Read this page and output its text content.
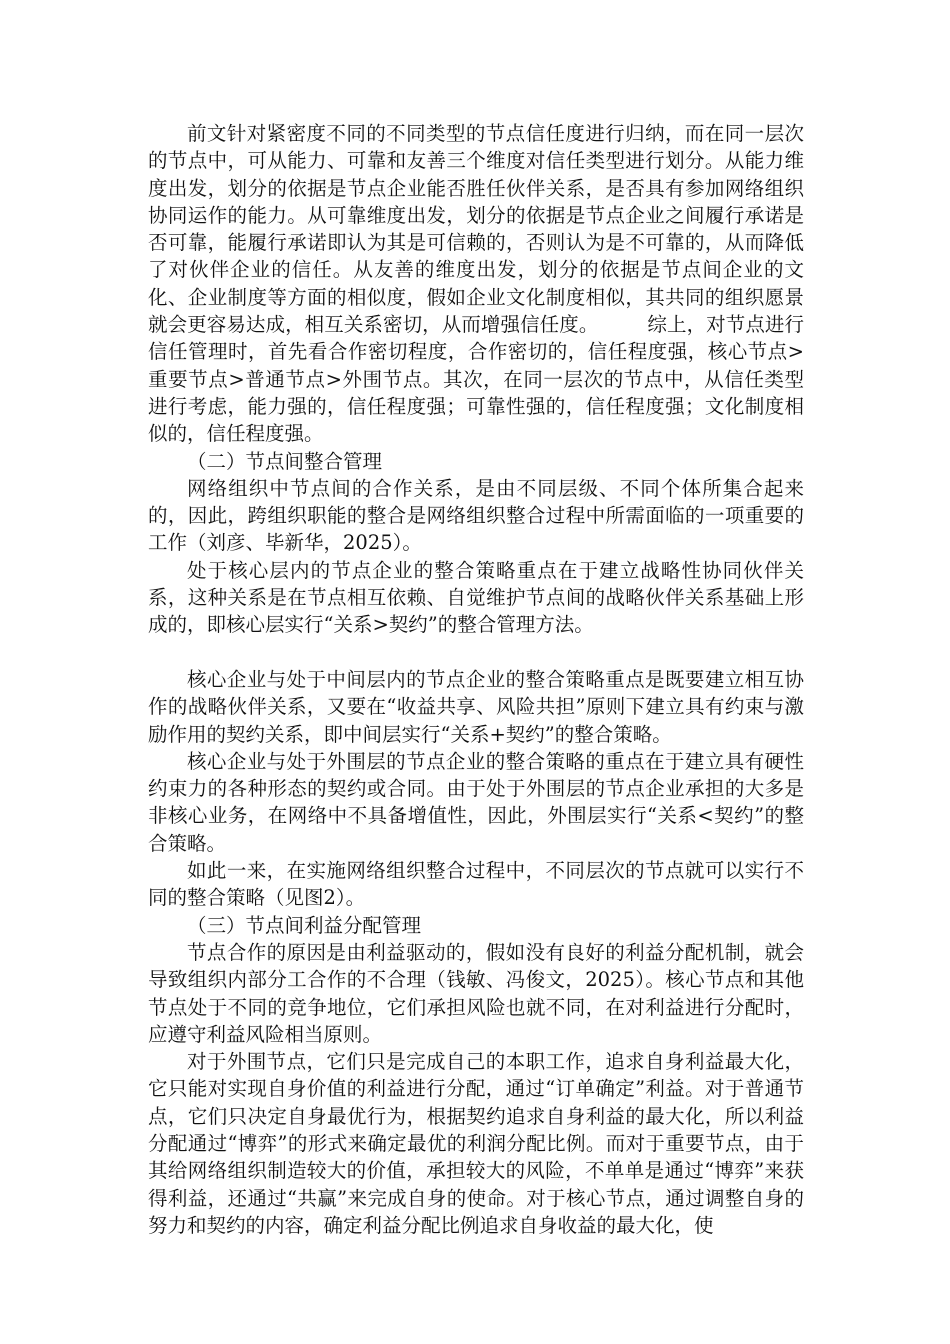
前文针对紧密度不同的不同类型的节点信任度进行归纳，而在同一层次的节点中，可从能力、可靠和友善三个维度对信任类型进行划分。从能力维度出发，划分的依据是节点企业能否胜任伙伴关系，是否具有参加网络组织协同运作的能力。从可靠维度出发，划分的依据是节点企业之间履行承诺是否可靠，能履行承诺即认为其是可信赖的，否则认为是不可靠的，从而降低了对伙伴企业的信任。从友善的维度出发，划分的依据是节点间企业的文化、企业制度等方面的相似度，假如企业文化制度相似，其共同的组织愿景就会更容易达成，相互关系密切，从而增强信任度。　　　综上，对节点进行信任管理时，首先看合作密切程度，合作密切的，信任程度强，核心节点>重要节点>普通节点>外围节点。其次，在同一层次的节点中，从信任类型进行考虑，能力强的，信任程度强；可靠性强的，信任程度强；文化制度相似的，信任程度强。

（二）节点间整合管理

网络组织中节点间的合作关系，是由不同层级、不同个体所集合起来的，因此，跨组织职能的整合是网络组织整合过程中所需面临的一项重要的工作（刘彦、毕新华，2025）。

处于核心层内的节点企业的整合策略重点在于建立战略性协同伙伴关系，这种关系是在节点相互依赖、自觉维护节点间的战略伙伴关系基础上形成的，即核心层实行“关系>契约”的整合管理方法。

核心企业与处于中间层内的节点企业的整合策略重点是既要建立相互协作的战略伙伴关系，又要在“收益共享、风险共担”原则下建立具有约束与激励作用的契约关系，即中间层实行“关系+契约”的整合策略。

核心企业与处于外围层的节点企业的整合策略的重点在于建立具有硬性约束力的各种形态的契约或合同。由于处于外围层的节点企业承担的大多是非核心业务，在网络中不具备增值性，因此，外围层实行“关系<契约”的整合策略。

如此一来，在实施网络组织整合过程中，不同层次的节点就可以实行不同的整合策略（见图2）。

（三）节点间利益分配管理

节点合作的原因是由利益驱动的，假如没有良好的利益分配机制，就会导致组织内部分工合作的不合理（钱敏、冯俊文，2025）。核心节点和其他节点处于不同的竞争地位，它们承担风险也就不同，在对利益进行分配时，应遵守利益风险相当原则。

对于外围节点，它们只是完成自己的本职工作，追求自身利益最大化，它只能对实现自身价值的利益进行分配，通过“订单确定”利益。对于普通节点，它们只决定自身最优行为，根据契约追求自身利益的最大化，所以利益分配通过“博弈”的形式来确定最优的利润分配比例。而对于重要节点，由于其给网络组织制造较大的价值，承担较大的风险，不单单是通过“博弈”来获得利益，还通过“共赢”来完成自身的使命。对于核心节点，通过调整自身的努力和契约的内容，确定利益分配比例追求自身收益的最大化，使
